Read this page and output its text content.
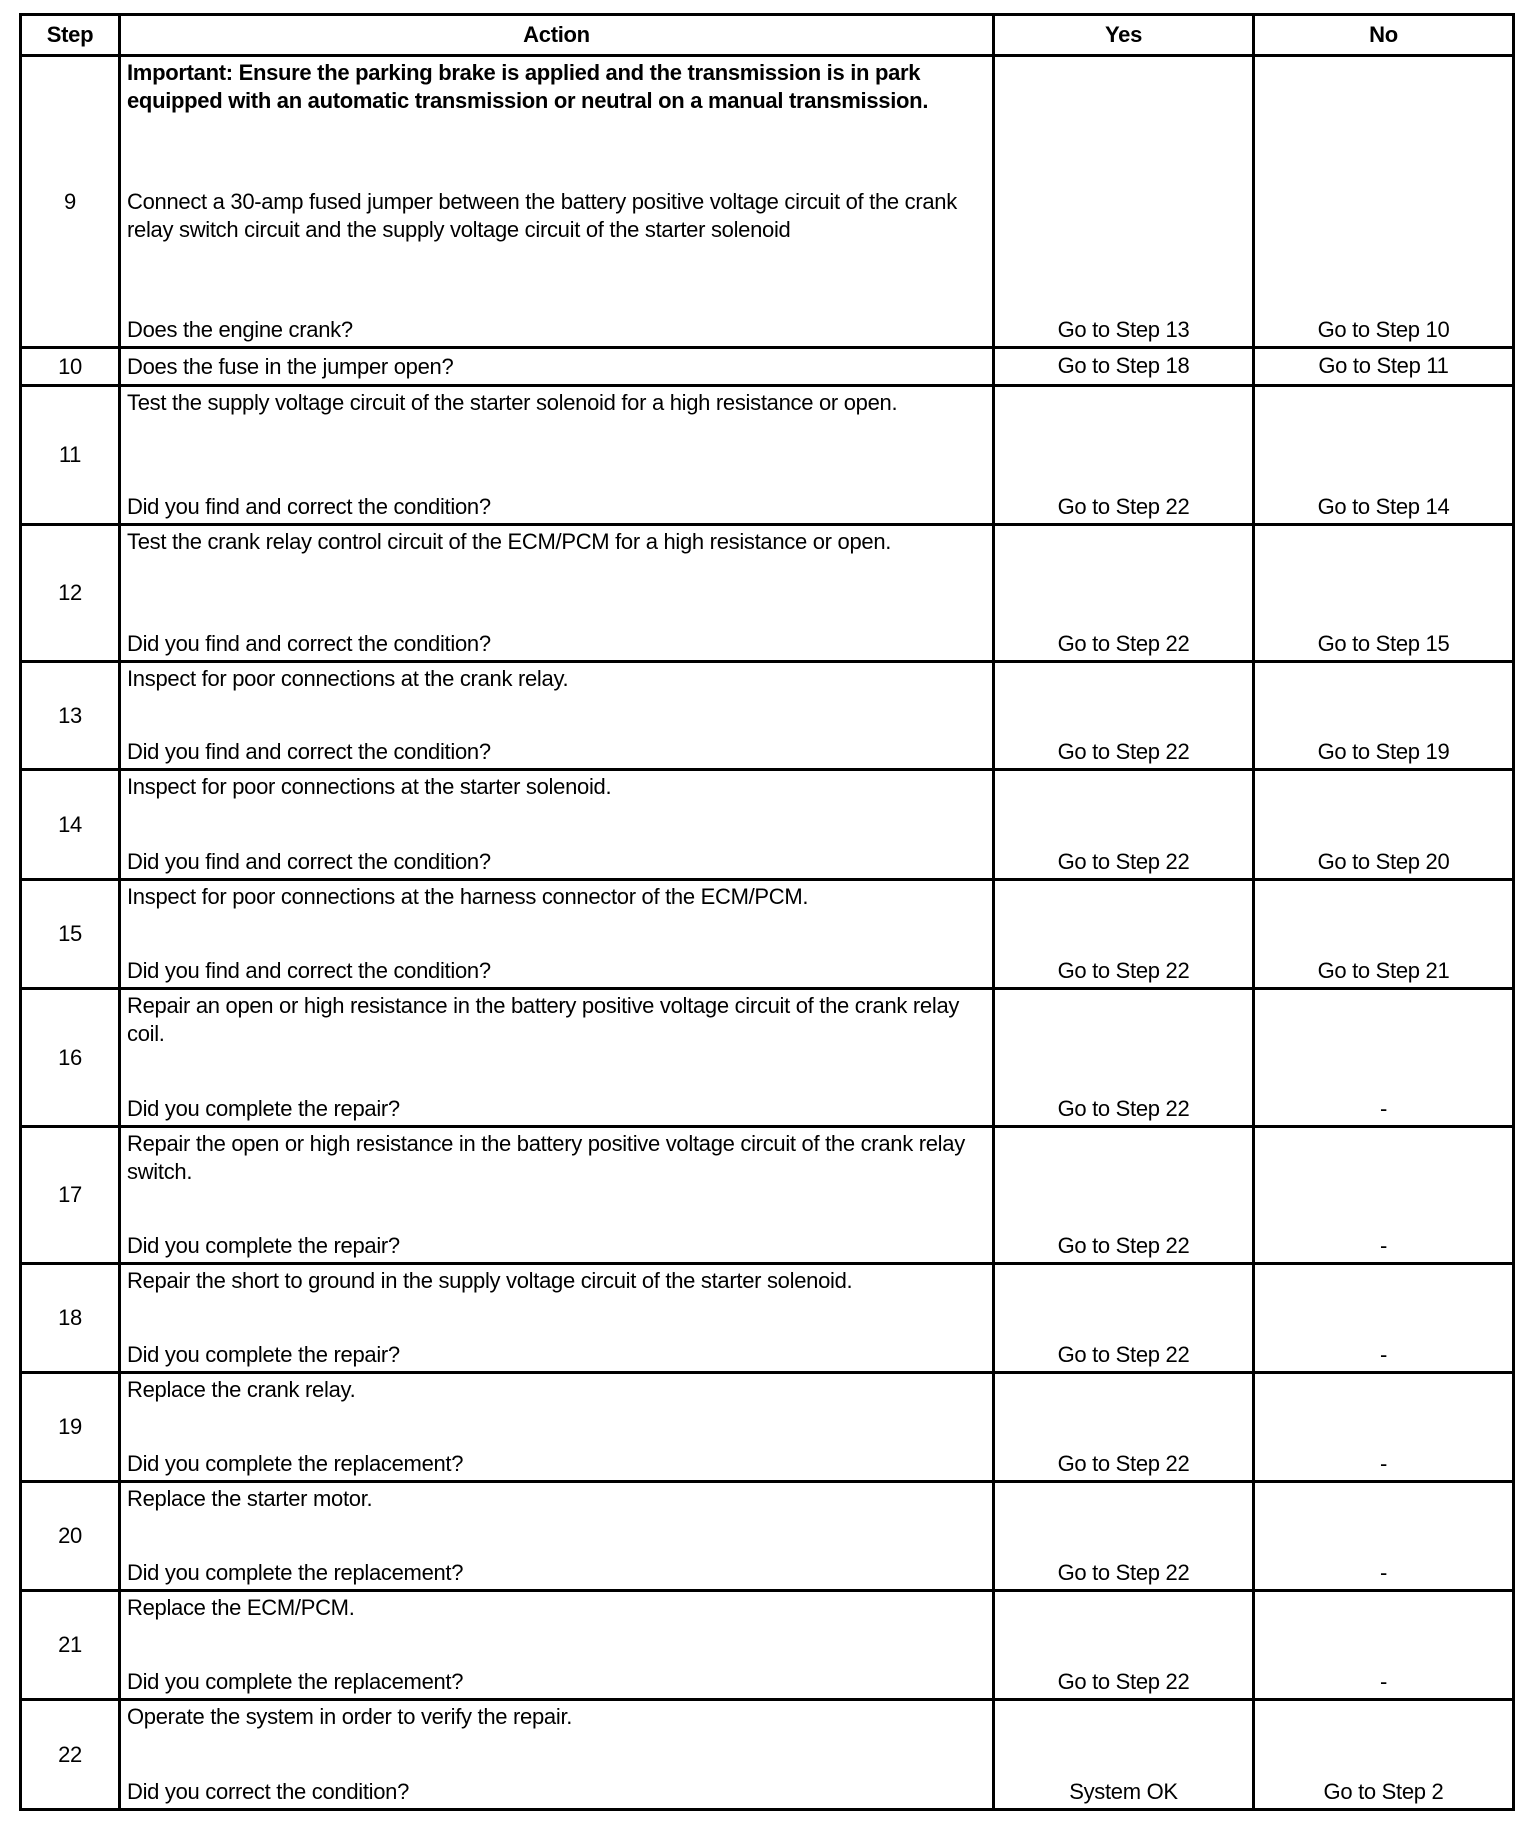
Step	Action	Yes	No
9	Important: Ensure the parking brake is applied and the transmission is in park equipped with an automatic transmission or neutral on a manual transmission.
Connect a 30-amp fused jumper between the battery positive voltage circuit of the crank relay switch circuit and the supply voltage circuit of the starter solenoid
Does the engine crank?	Go to Step 13	Go to Step 10
10	Does the fuse in the jumper open?	Go to Step 18	Go to Step 11
11	Test the supply voltage circuit of the starter solenoid for a high resistance or open.
Did you find and correct the condition?	Go to Step 22	Go to Step 14
12	Test the crank relay control circuit of the ECM/PCM for a high resistance or open.
Did you find and correct the condition?	Go to Step 22	Go to Step 15
13	Inspect for poor connections at the crank relay.
Did you find and correct the condition?	Go to Step 22	Go to Step 19
14	Inspect for poor connections at the starter solenoid.
Did you find and correct the condition?	Go to Step 22	Go to Step 20
15	Inspect for poor connections at the harness connector of the ECM/PCM.
Did you find and correct the condition?	Go to Step 22	Go to Step 21
16	Repair an open or high resistance in the battery positive voltage circuit of the crank relay coil.
Did you complete the repair?	Go to Step 22	-
17	Repair the open or high resistance in the battery positive voltage circuit of the crank relay switch.
Did you complete the repair?	Go to Step 22	-
18	Repair the short to ground in the supply voltage circuit of the starter solenoid.
Did you complete the repair?	Go to Step 22	-
19	Replace the crank relay.
Did you complete the replacement?	Go to Step 22	-
20	Replace the starter motor.
Did you complete the replacement?	Go to Step 22	-
21	Replace the ECM/PCM.
Did you complete the replacement?	Go to Step 22	-
22	Operate the system in order to verify the repair.
Did you correct the condition?	System OK	Go to Step 2
